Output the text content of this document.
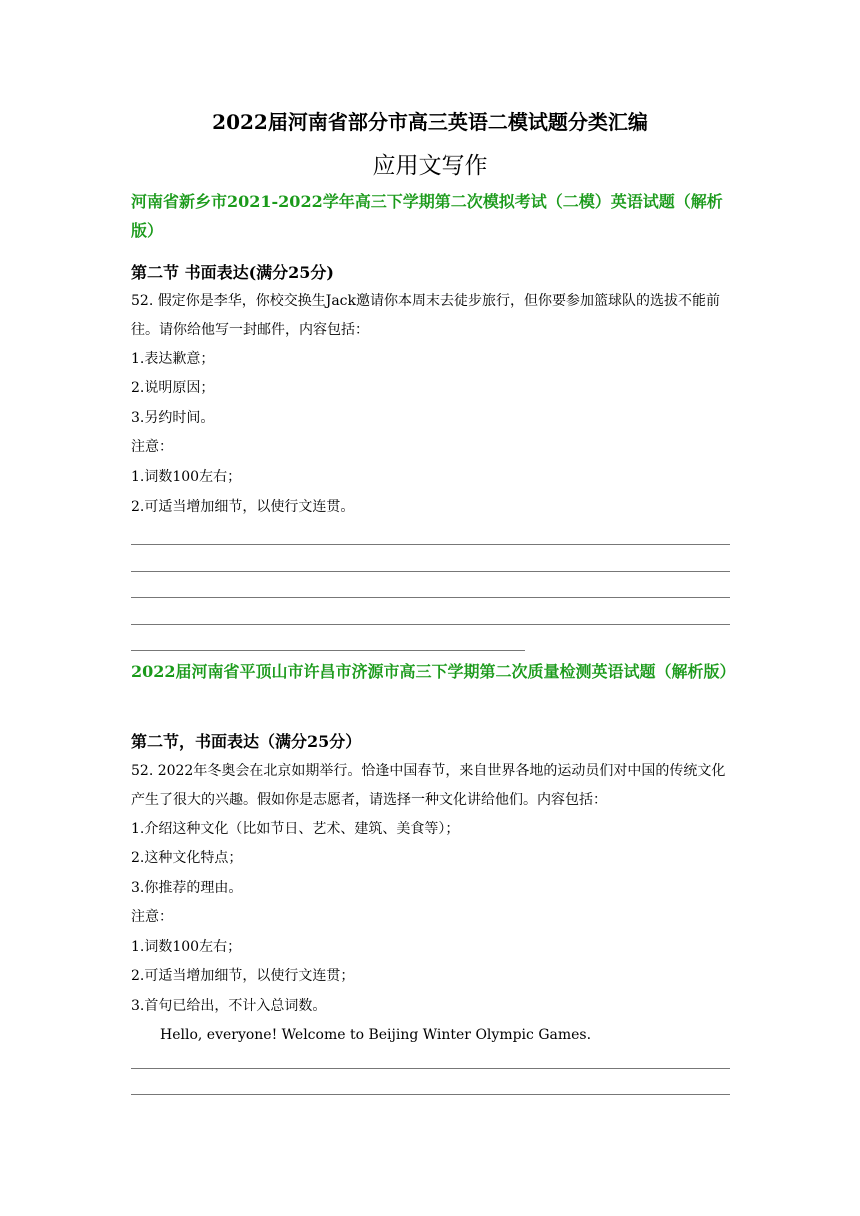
2022届河南省部分市高三英语二模试题分类汇编
应用文写作
河南省新乡市2021-2022学年高三下学期第二次模拟考试（二模）英语试题（解析版）
第二节 书面表达(满分25分)
52. 假定你是李华，你校交换生Jack邀请你本周末去徒步旅行，但你要参加篮球队的选拔不能前往。请你给他写一封邮件，内容包括：
1.表达歉意；
2.说明原因；
3.另约时间。
注意：
1.词数100左右；
2.可适当增加细节，以使行文连贯。
2022届河南省平顶山市许昌市济源市高三下学期第二次质量检测英语试题（解析版）
第二节，书面表达（满分25分）
52. 2022年冬奥会在北京如期举行。恰逢中国春节，来自世界各地的运动员们对中国的传统文化产生了很大的兴趣。假如你是志愿者，请选择一种文化讲给他们。内容包括：
1.介绍这种文化（比如节日、艺术、建筑、美食等）；
2.这种文化特点；
3.你推荐的理由。
注意：
1.词数100左右；
2.可适当增加细节，以使行文连贯；
3.首句已给出，不计入总词数。
Hello, everyone! Welcome to Beijing Winter Olympic Games.
